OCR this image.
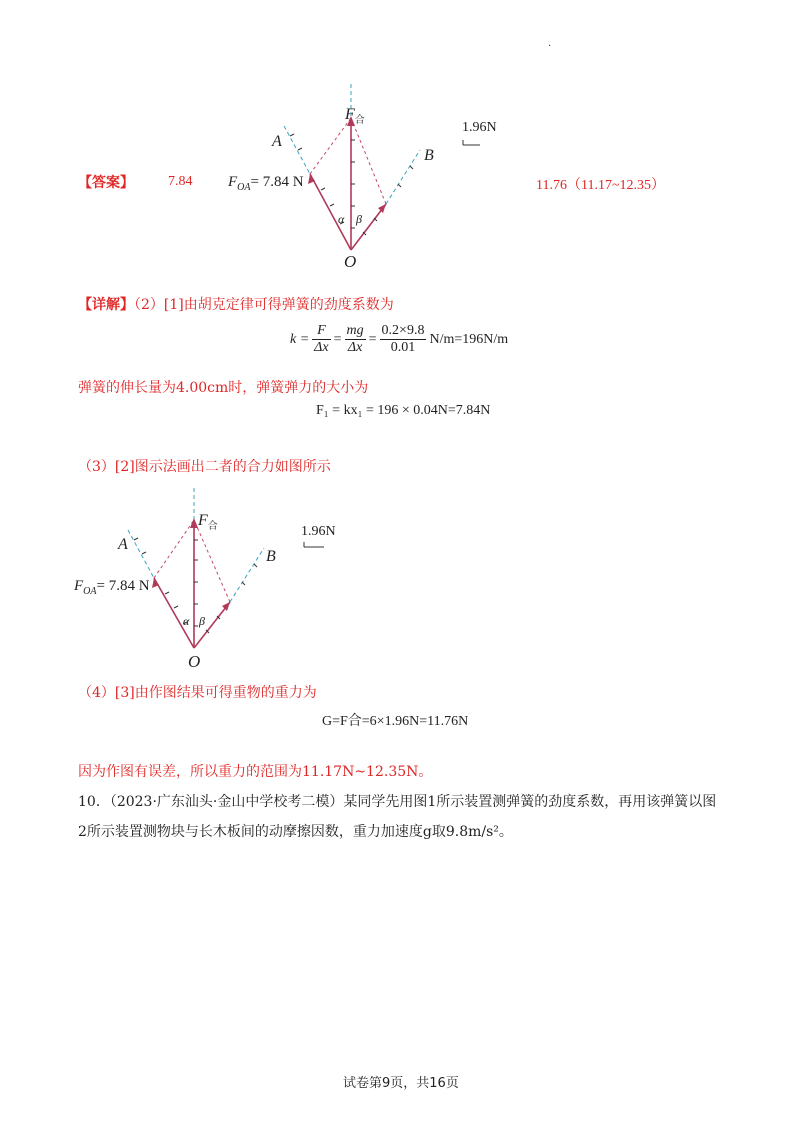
.
【答案】 7.84	11.76（11.17~12.35）
$F_合$
A
B
O
α β
1.96N
$F_{OA}= 7.84$ N
【详解】（2）[1]由胡克定律可得弹簧的劲度系数为
$k = \frac{F}{\Delta x} = \frac{mg}{\Delta x} = \frac{0.2\times 9.8}{0.01} N/m=196N/m$
弹簧的伸长量为4.00cm时，弹簧弹力的大小为
F₁ = kx₁ = 196 × 0.04N=7.84N
（3）[2]图示法画出二者的合力如图所示
$F_合$
A
B
O
α β
1.96N
$F_{OA}= 7.84$ N
（4）[3]由作图结果可得重物的重力为
G=F合=6×1.96N=11.76N
因为作图有误差，所以重力的范围为11.17N~12.35N。
10．（2023·广东汕头·金山中学校考二模）某同学先用图1所示装置测弹簧的劲度系数，再用该弹簧以图
2所示装置测物块与长木板间的动摩擦因数，重力加速度g取9.8m/s²。
试卷第9页，共16页
